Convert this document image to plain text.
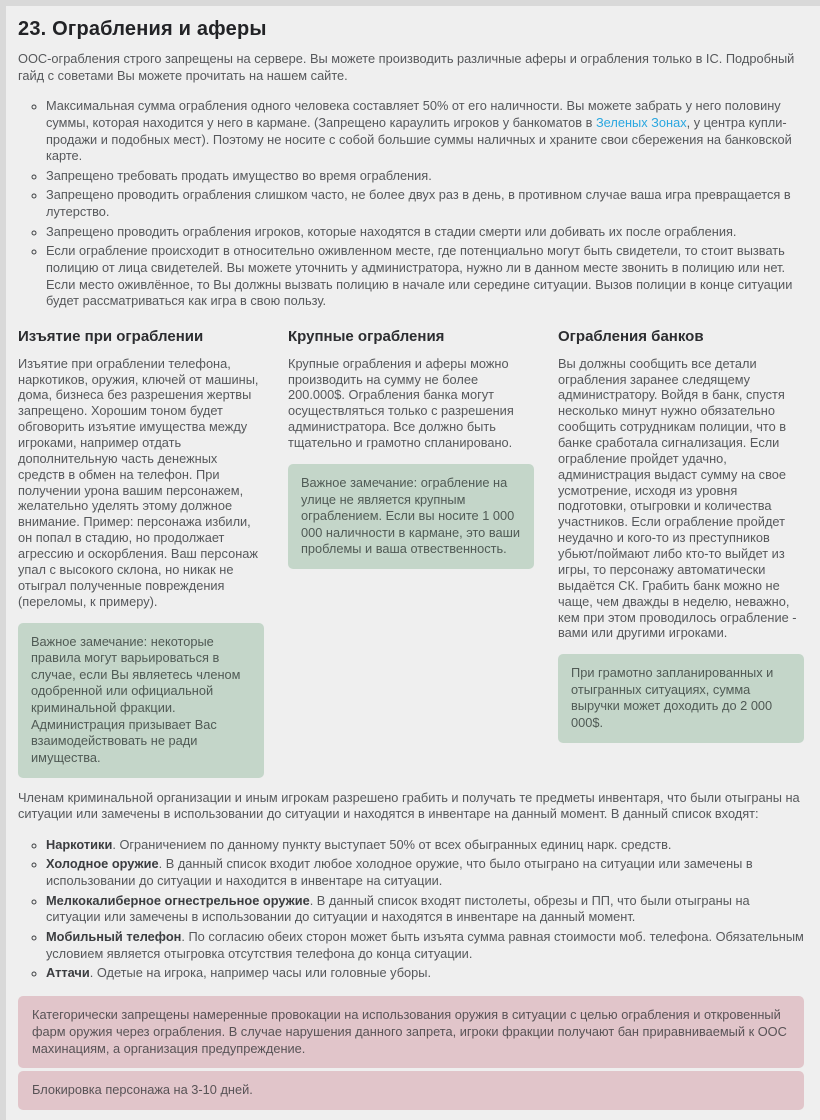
23. Ограбления и аферы

ООС-ограбления строго запрещены на сервере. Вы можете производить различные аферы и ограбления только в IC. Подробный гайд с советами Вы можете прочитать на нашем сайте.

◦ Максимальная сумма ограбления одного человека составляет 50% от его наличности. Вы можете забрать у него половину суммы, которая находится у него в кармане. (Запрещено караулить игроков у банкоматов в Зеленых Зонах, у центра купли-продажи и подобных мест). Поэтому не носите с собой большие суммы наличных и храните свои сбережения на банковской карте.
◦ Запрещено требовать продать имущество во время ограбления.
◦ Запрещено проводить ограбления слишком часто, не более двух раз в день, в противном случае ваша игра превращается в лутерство.
◦ Запрещено проводить ограбления игроков, которые находятся в стадии смерти или добивать их после ограбления.
◦ Если ограбление происходит в относительно оживленном месте, где потенциально могут быть свидетели, то стоит вызвать полицию от лица свидетелей. Вы можете уточнить у администратора, нужно ли в данном месте звонить в полицию или нет. Если место оживлённое, то Вы должны вызвать полицию в начале или середине ситуации. Вызов полиции в конце ситуации будет рассматриваться как игра в свою пользу.
Изъятие при ограблении

Изъятие при ограблении телефона, наркотиков, оружия, ключей от машины, дома, бизнеса без разрешения жертвы запрещено. Хорошим тоном будет обговорить изъятие имущества между игроками, например отдать дополнительную часть денежных средств в обмен на телефон. При получении урона вашим персонажем, желательно уделять этому должное внимание. Пример: персонажа избили, он попал в стадию, но продолжает агрессию и оскорбления. Ваш персонаж упал с высокого склона, но никак не отыграл полученные повреждения (переломы, к примеру).

Важное замечание: некоторые правила могут варьироваться в случае, если Вы являетесь членом одобренной или официальной криминальной фракции. Администрация призывает Вас взаимодействовать не ради имущества.
Крупные ограбления

Крупные ограбления и аферы можно производить на сумму не более 200.000$. Ограбления банка могут осуществляться только с разрешения администратора. Все должно быть тщательно и грамотно спланировано.

Важное замечание: ограбление на улице не является крупным ограблением. Если вы носите 1 000 000 наличности в кармане, это ваши проблемы и ваша отвественность.
Ограбления банков

Вы должны сообщить все детали ограбления заранее следящему администратору. Войдя в банк, спустя несколько минут нужно обязательно сообщить сотрудникам полиции, что в банке сработала сигнализация. Если ограбление пройдет удачно, администрация выдаст сумму на свое усмотрение, исходя из уровня подготовки, отыгровки и количества участников. Если ограбление пройдет неудачно и кого-то из преступников убьют/поймают либо кто-то выйдет из игры, то персонажу автоматически выдаётся СК. Грабить банк можно не чаще, чем дважды в неделю, неважно, кем при этом проводилось ограбление - вами или другими игроками.

При грамотно запланированных и отыгранных ситуациях, сумма выручки может доходить до 2 000 000$.

Членам криминальной организации и иным игрокам разрешено грабить и получать те предметы инвентаря, что были отыграны на ситуации или замечены в использовании до ситуации и находятся в инвентаре на данный момент. В данный список входят:

◦ Наркотики. Ограничением по данному пункту выступает 50% от всех обыгранных единиц нарк. средств.
◦ Холодное оружие. В данный список входит любое холодное оружие, что было отыграно на ситуации или замечены в использовании до ситуации и находится в инвентаре на ситуации.
◦ Мелкокалиберное огнестрельное оружие. В данный список входят пистолеты, обрезы и ПП, что были отыграны на ситуации или замечены в использовании до ситуации и находятся в инвентаре на данный момент.
◦ Мобильный телефон. По согласию обеих сторон может быть изъята сумма равная стоимости моб. телефона. Обязательным условием является отыгровка отсутствия телефона до конца ситуации.
◦ Аттачи. Одетые на игрока, например часы или головные уборы.
Категорически запрещены намеренные провокации на использования оружия в ситуации с целью ограбления и откровенный фарм оружия через ограбления. В случае нарушения данного запрета, игроки фракции получают бан приравниваемый к ООС махинациям, а организация предупреждение.
Блокировка персонажа на 3-10 дней.
